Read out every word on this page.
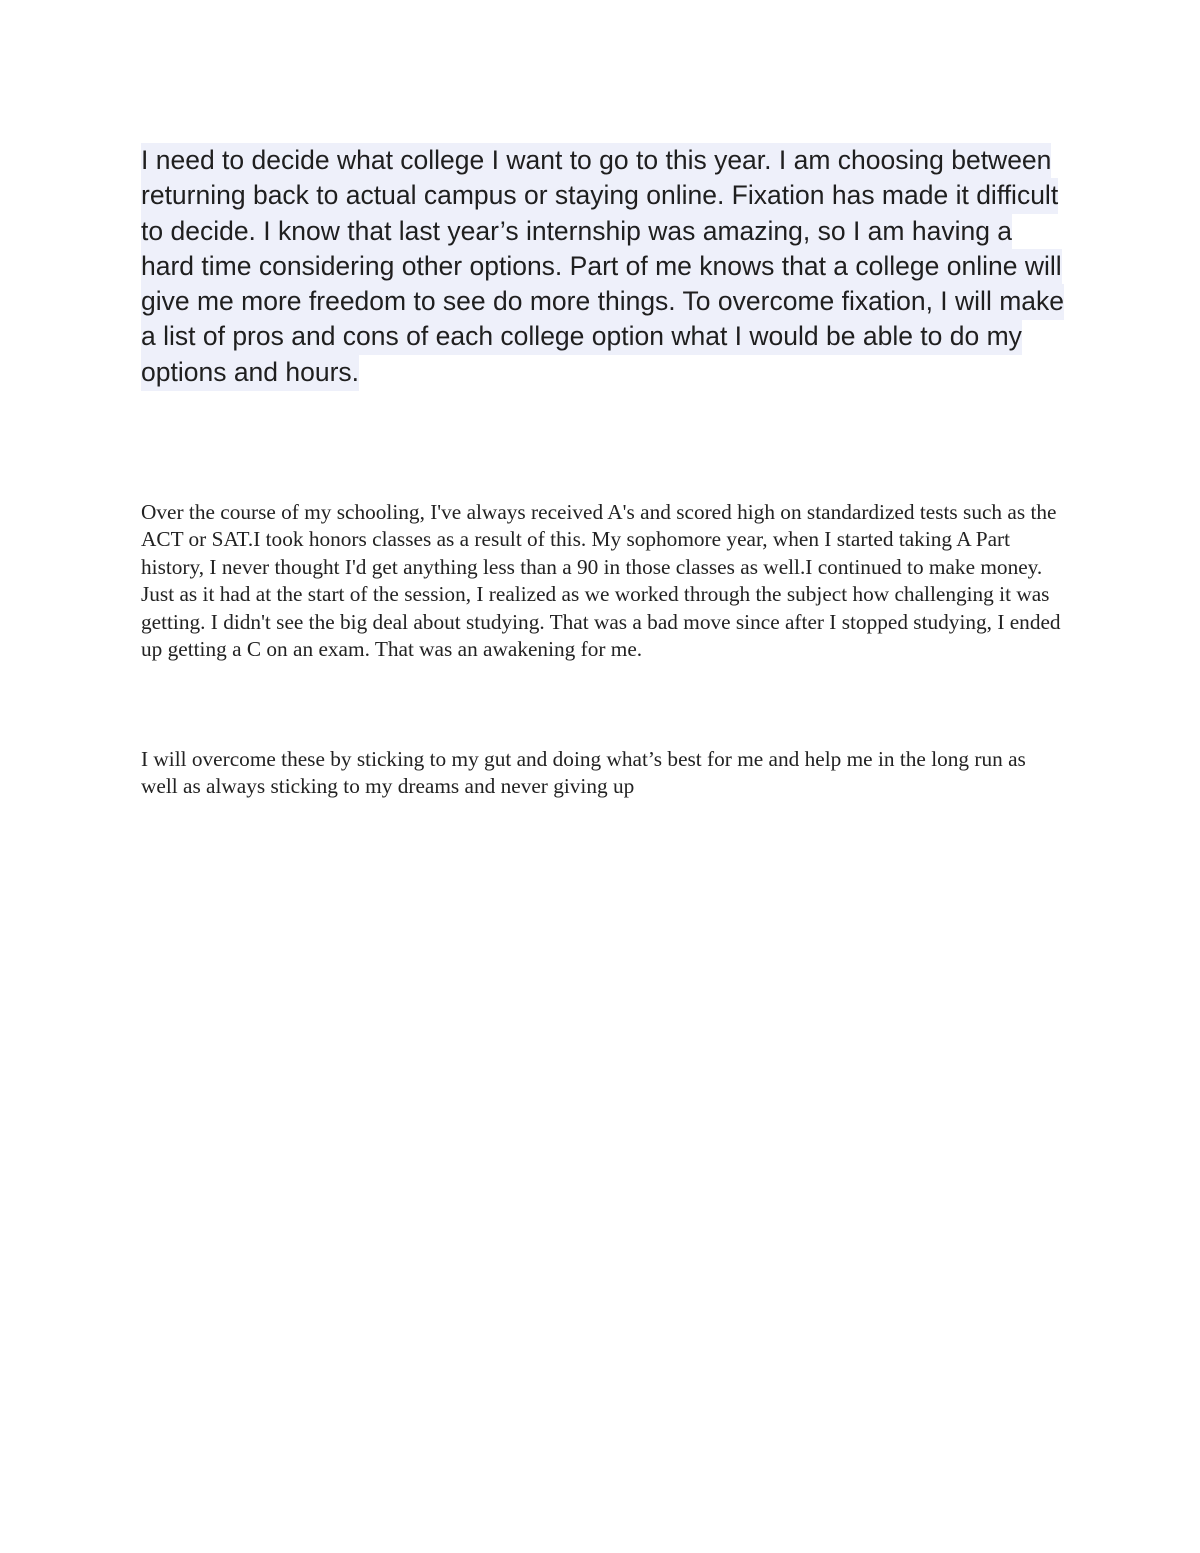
I need to decide what college I want to go to this year. I am choosing between returning back to actual campus or staying online. Fixation has made it difficult to decide. I know that last year’s internship was amazing, so I am having a hard time considering other options. Part of me knows that a college online will give me more freedom to see do more things. To overcome fixation, I will make a list of pros and cons of each college option what I would be able to do my options and hours.
Over the course of my schooling, I've always received A's and scored high on standardized tests such as the ACT or SAT.I took honors classes as a result of this. My sophomore year, when I started taking A Part history, I never thought I'd get anything less than a 90 in those classes as well.I continued to make money. Just as it had at the start of the session, I realized as we worked through the subject how challenging it was getting. I didn't see the big deal about studying. That was a bad move since after I stopped studying, I ended up getting a C on an exam. That was an awakening for me.
I will overcome these by sticking to my gut and doing what’s best for me and help me in the long run as well as always sticking to my dreams and never giving up
